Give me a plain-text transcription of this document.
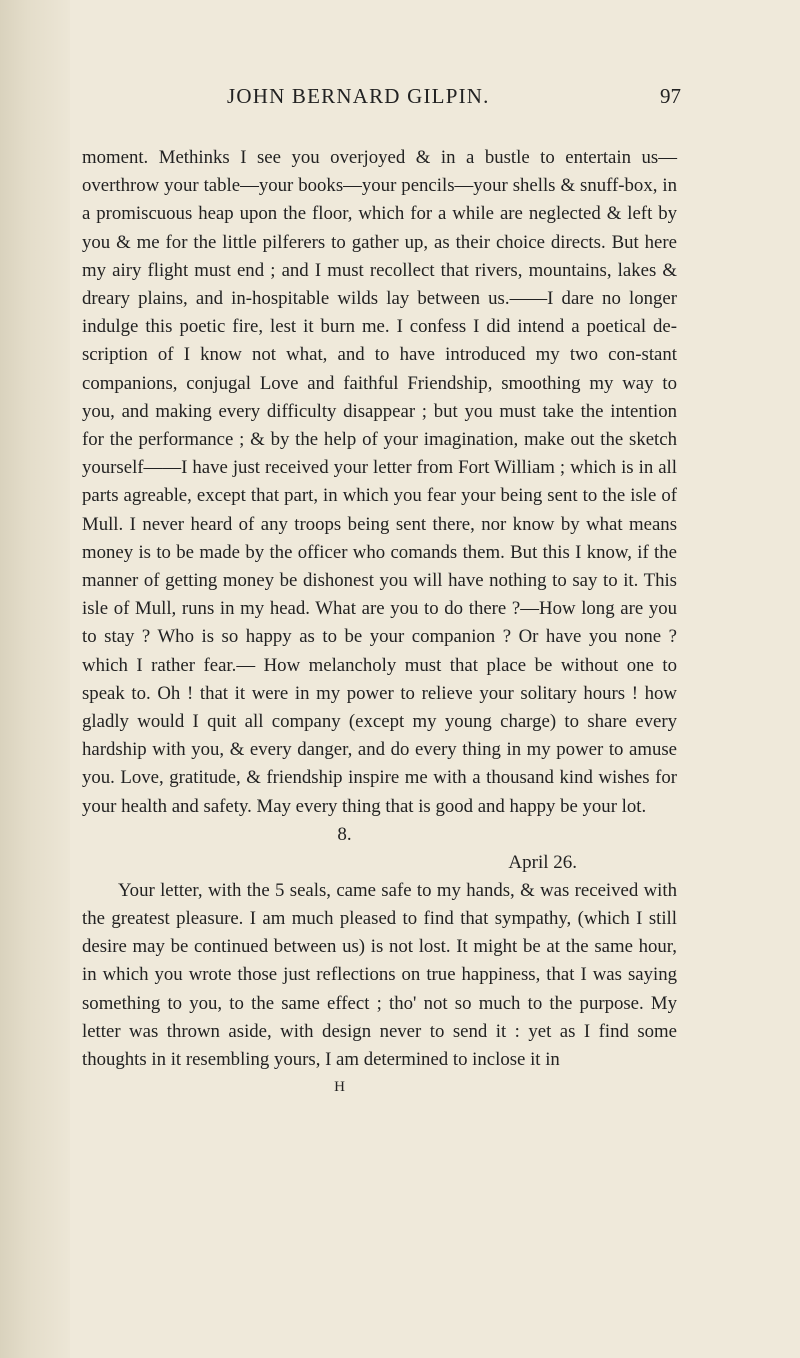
JOHN BERNARD GILPIN.	97

moment. Methinks I see you overjoyed & in a bustle to entertain us—overthrow your table—your books—your pencils—your shells & snuff-box, in a promiscuous heap upon the floor, which for a while are neglected & left by you & me for the little pilferers to gather up, as their choice directs. But here my airy flight must end ; and I must recollect that rivers, mountains, lakes & dreary plains, and in-hospitable wilds lay between us.——I dare no longer indulge this poetic fire, lest it burn me. I confess I did intend a poetical de-scription of I know not what, and to have introduced my two con-stant companions, conjugal Love and faithful Friendship, smoothing my way to you, and making every difficulty disappear ; but you must take the intention for the performance ; & by the help of your imagination, make out the sketch yourself——I have just received your letter from Fort William ; which is in all parts agreable, except that part, in which you fear your being sent to the isle of Mull. I never heard of any troops being sent there, nor know by what means money is to be made by the officer who comands them. But this I know, if the manner of getting money be dishonest you will have nothing to say to it. This isle of Mull, runs in my head. What are you to do there ?—How long are you to stay ? Who is so happy as to be your companion ? Or have you none ? which I rather fear.— How melancholy must that place be without one to speak to. Oh ! that it were in my power to relieve your solitary hours ! how gladly would I quit all company (except my young charge) to share every hardship with you, & every danger, and do every thing in my power to amuse you. Love, gratitude, & friendship inspire me with a thousand kind wishes for your health and safety. May every thing that is good and happy be your lot.

8.

April 26.

Your letter, with the 5 seals, came safe to my hands, & was received with the greatest pleasure. I am much pleased to find that sympathy, (which I still desire may be continued between us) is not lost. It might be at the same hour, in which you wrote those just reflections on true happiness, that I was saying something to you, to the same effect ; tho' not so much to the purpose. My letter was thrown aside, with design never to send it : yet as I find some thoughts in it resembling yours, I am determined to inclose it in

H
